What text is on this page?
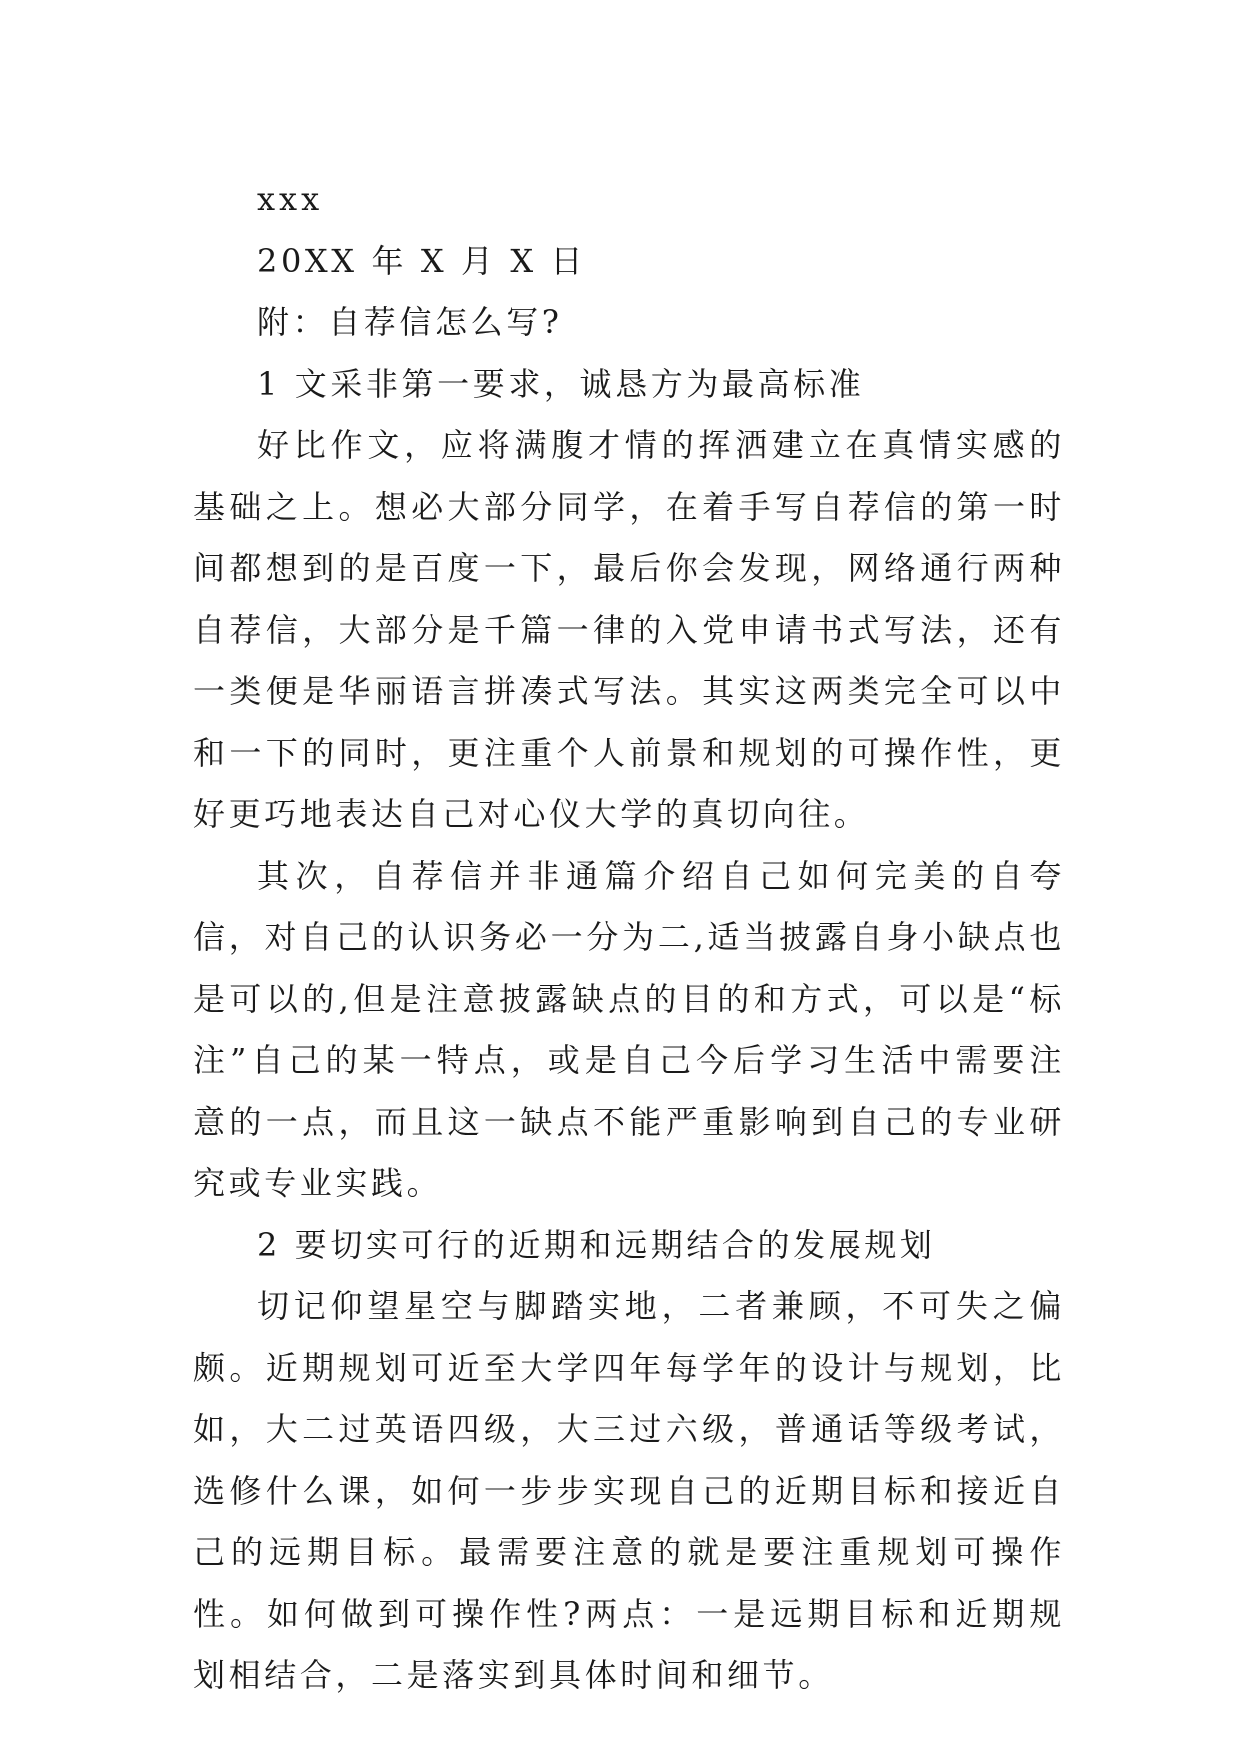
xxx

20XX 年 X 月 X 日

附：自荐信怎么写?

1 文采非第一要求，诚恳方为最高标准

好比作文，应将满腹才情的挥洒建立在真情实感的基础之上。想必大部分同学，在着手写自荐信的第一时间都想到的是百度一下，最后你会发现，网络通行两种自荐信，大部分是千篇一律的入党申请书式写法，还有一类便是华丽语言拼凑式写法。其实这两类完全可以中和一下的同时，更注重个人前景和规划的可操作性，更好更巧地表达自己对心仪大学的真切向往。

其次，自荐信并非通篇介绍自己如何完美的自夸信，对自己的认识务必一分为二,适当披露自身小缺点也是可以的,但是注意披露缺点的目的和方式，可以是“标注”自己的某一特点，或是自己今后学习生活中需要注意的一点，而且这一缺点不能严重影响到自己的专业研究或专业实践。

2 要切实可行的近期和远期结合的发展规划

切记仰望星空与脚踏实地，二者兼顾，不可失之偏颇。近期规划可近至大学四年每学年的设计与规划，比如，大二过英语四级，大三过六级，普通话等级考试，选修什么课，如何一步步实现自己的近期目标和接近自己的远期目标。最需要注意的就是要注重规划可操作性。如何做到可操作性?两点：一是远期目标和近期规划相结合，二是落实到具体时间和细节。
